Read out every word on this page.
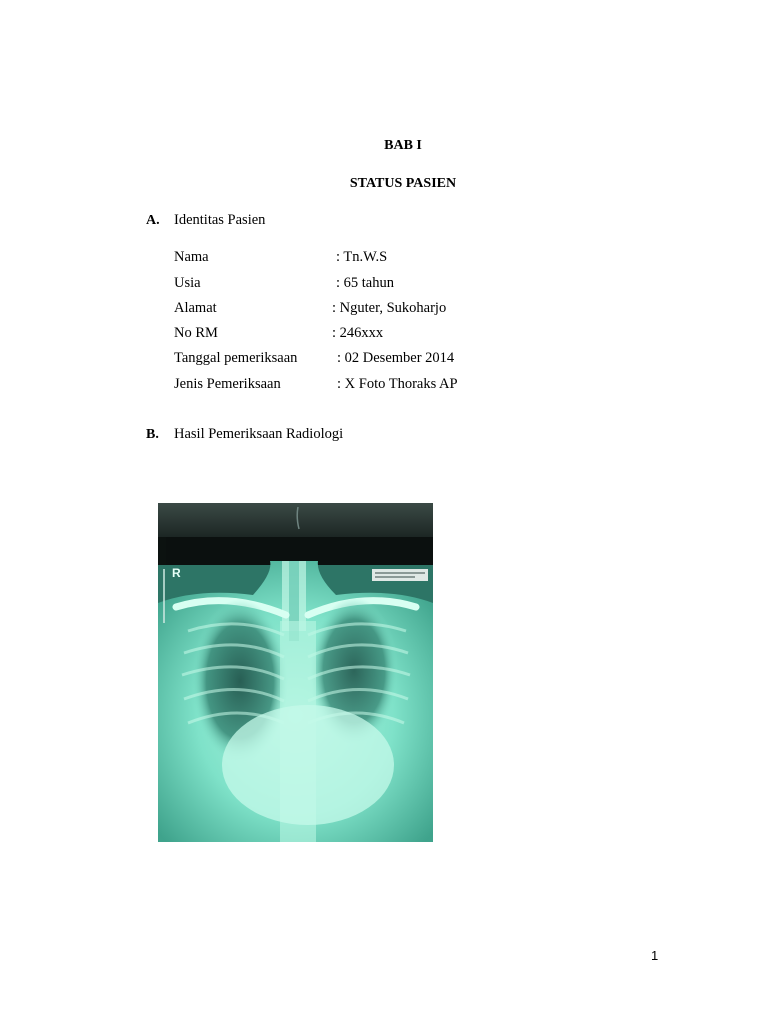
BAB I
STATUS PASIEN
A. Identitas Pasien
Nama	: Tn.W.S
Usia	: 65 tahun
Alamat	: Nguter, Sukoharjo
No RM	: 246xxx
Tanggal pemeriksaan	: 02 Desember 2014
Jenis Pemeriksaan	: X Foto Thoraks AP
B. Hasil Pemeriksaan Radiologi
R
1
